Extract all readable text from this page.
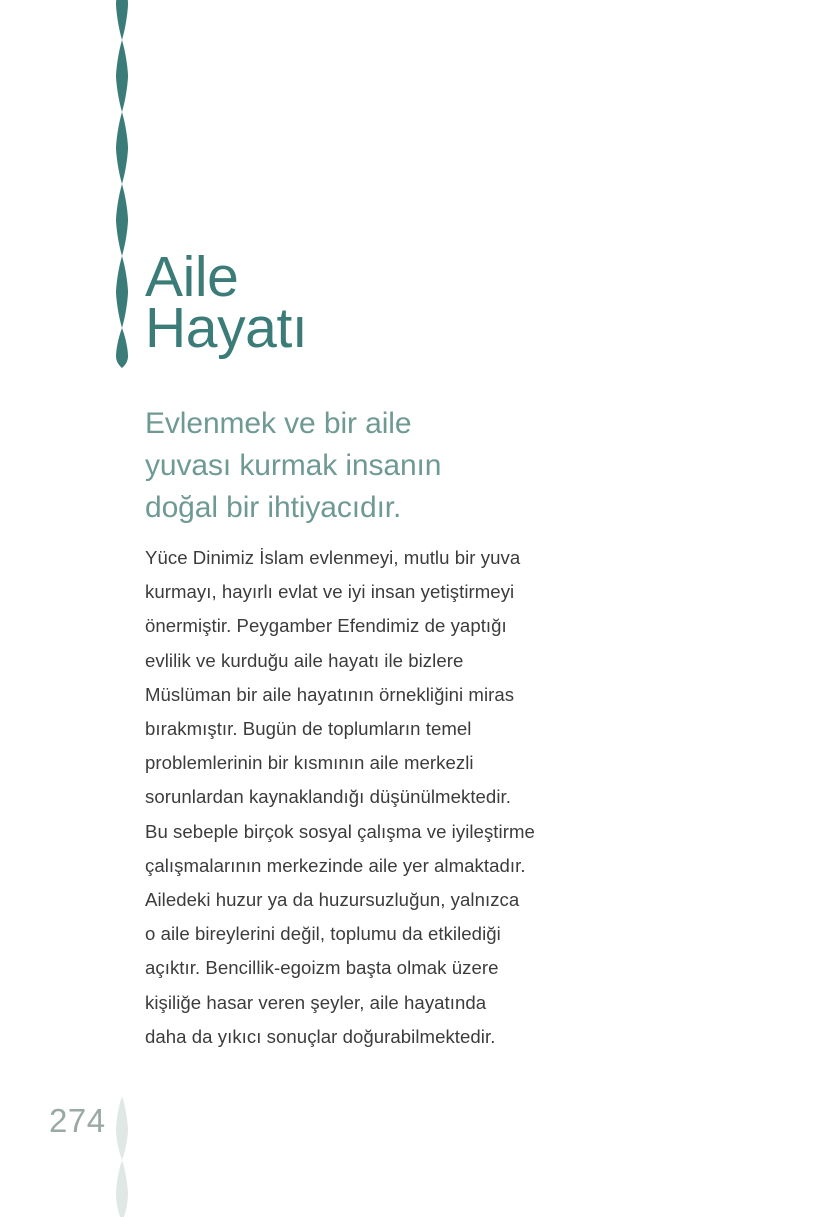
Aile
Hayatı
Evlenmek ve bir aile
yuvası kurmak insanın
doğal bir ihtiyacıdır.

Yüce Dinimiz İslam evlenmeyi, mutlu bir yuva
kurmayı, hayırlı evlat ve iyi insan yetiştirmeyi
önermiştir. Peygamber Efendimiz de yaptığı
evlilik ve kurduğu aile hayatı ile bizlere
Müslüman bir aile hayatının örnekliğini miras
bırakmıştır. Bugün de toplumların temel
problemlerinin bir kısmının aile merkezli
sorunlardan kaynaklandığı düşünülmektedir.
Bu sebeple birçok sosyal çalışma ve iyileştirme
çalışmalarının merkezinde aile yer almaktadır.
Ailedeki huzur ya da huzursuzluğun, yalnızca
o aile bireylerini değil, toplumu da etkilediği
açıktır. Bencillik-egoizm başta olmak üzere
kişiliğe hasar veren şeyler, aile hayatında
daha da yıkıcı sonuçlar doğurabilmektedir.

274
